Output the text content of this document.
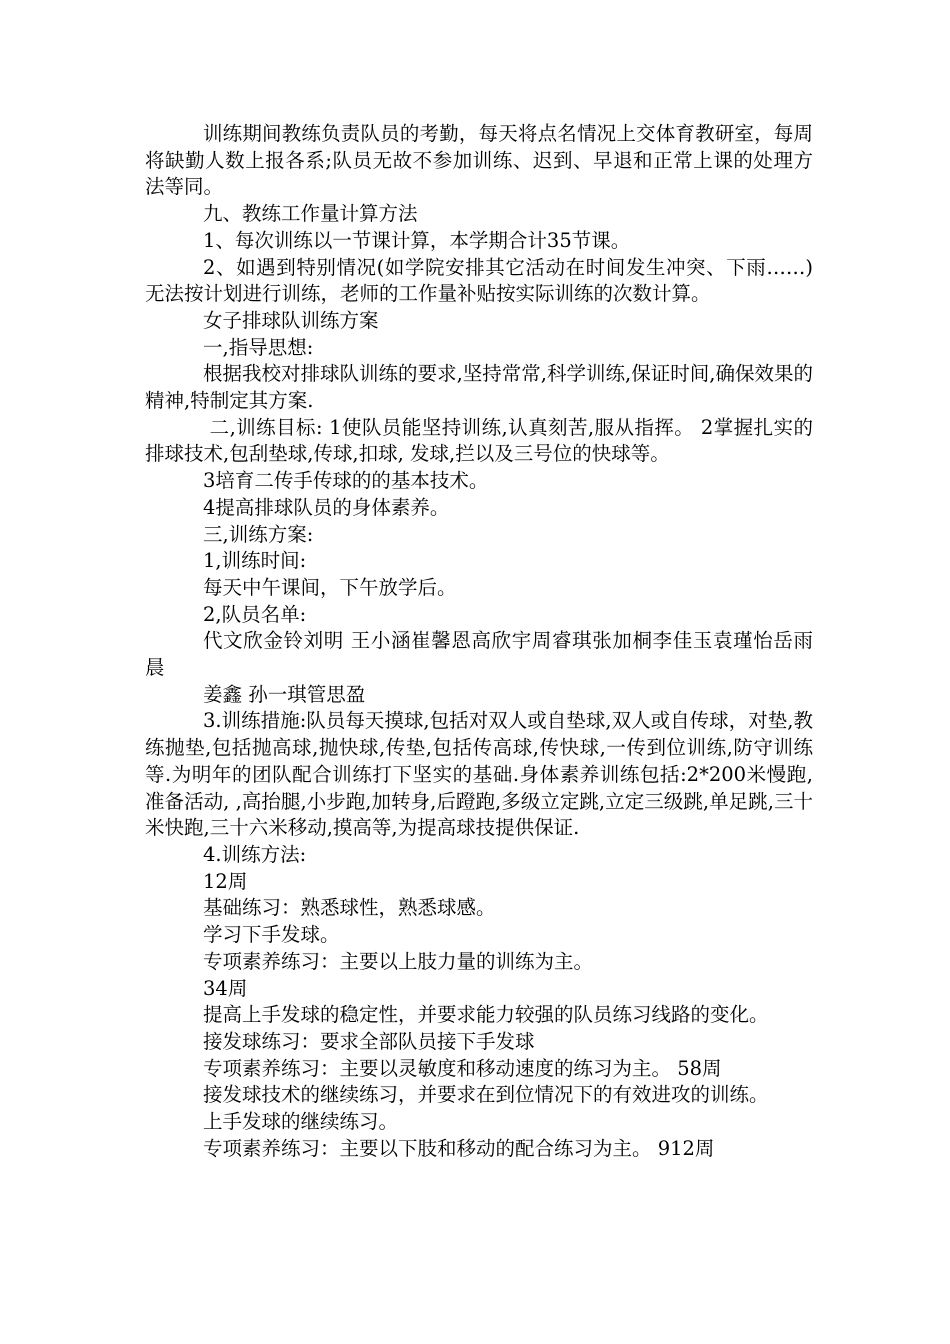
训练期间教练负责队员的考勤，每天将点名情况上交体育教研室，每周将缺勤人数上报各系;队员无故不参加训练、迟到、早退和正常上课的处理方法等同。

九、教练工作量计算方法

1、每次训练以一节课计算，本学期合计35节课。

2、如遇到特别情况(如学院安排其它活动在时间发生冲突、下雨……)无法按计划进行训练，老师的工作量补贴按实际训练的次数计算。

女子排球队训练方案

一,指导思想:

根据我校对排球队训练的要求,坚持常常,科学训练,保证时间,确保效果的精神,特制定其方案.

二,训练目标: 1使队员能坚持训练,认真刻苦,服从指挥。 2掌握扎实的排球技术,包刮垫球,传球,扣球, 发球,拦以及三号位的快球等。

3培育二传手传球的的基本技术。

4提高排球队员的身体素养。

三,训练方案:

1,训练时间:

每天中午课间，下午放学后。

2,队员名单:

代文欣金铃刘明 王小涵崔馨恩高欣宇周睿琪张加桐李佳玉袁瑾怡岳雨晨

姜鑫 孙一琪管思盈

3.训练措施:队员每天摸球,包括对双人或自垫球,双人或自传球，对垫,教练抛垫,包括抛高球,抛快球,传垫,包括传高球,传快球,一传到位训练,防守训练等.为明年的团队配合训练打下坚实的基础.身体素养训练包括:2*200米慢跑,准备活动, ,高抬腿,小步跑,加转身,后蹬跑,多级立定跳,立定三级跳,单足跳,三十米快跑,三十六米移动,摸高等,为提高球技提供保证.

4.训练方法:

12周

基础练习：熟悉球性，熟悉球感。

学习下手发球。

专项素养练习：主要以上肢力量的训练为主。

34周

提高上手发球的稳定性，并要求能力较强的队员练习线路的变化。

接发球练习：要求全部队员接下手发球

专项素养练习：主要以灵敏度和移动速度的练习为主。 58周

接发球技术的继续练习，并要求在到位情况下的有效进攻的训练。

上手发球的继续练习。

专项素养练习：主要以下肢和移动的配合练习为主。 912周
